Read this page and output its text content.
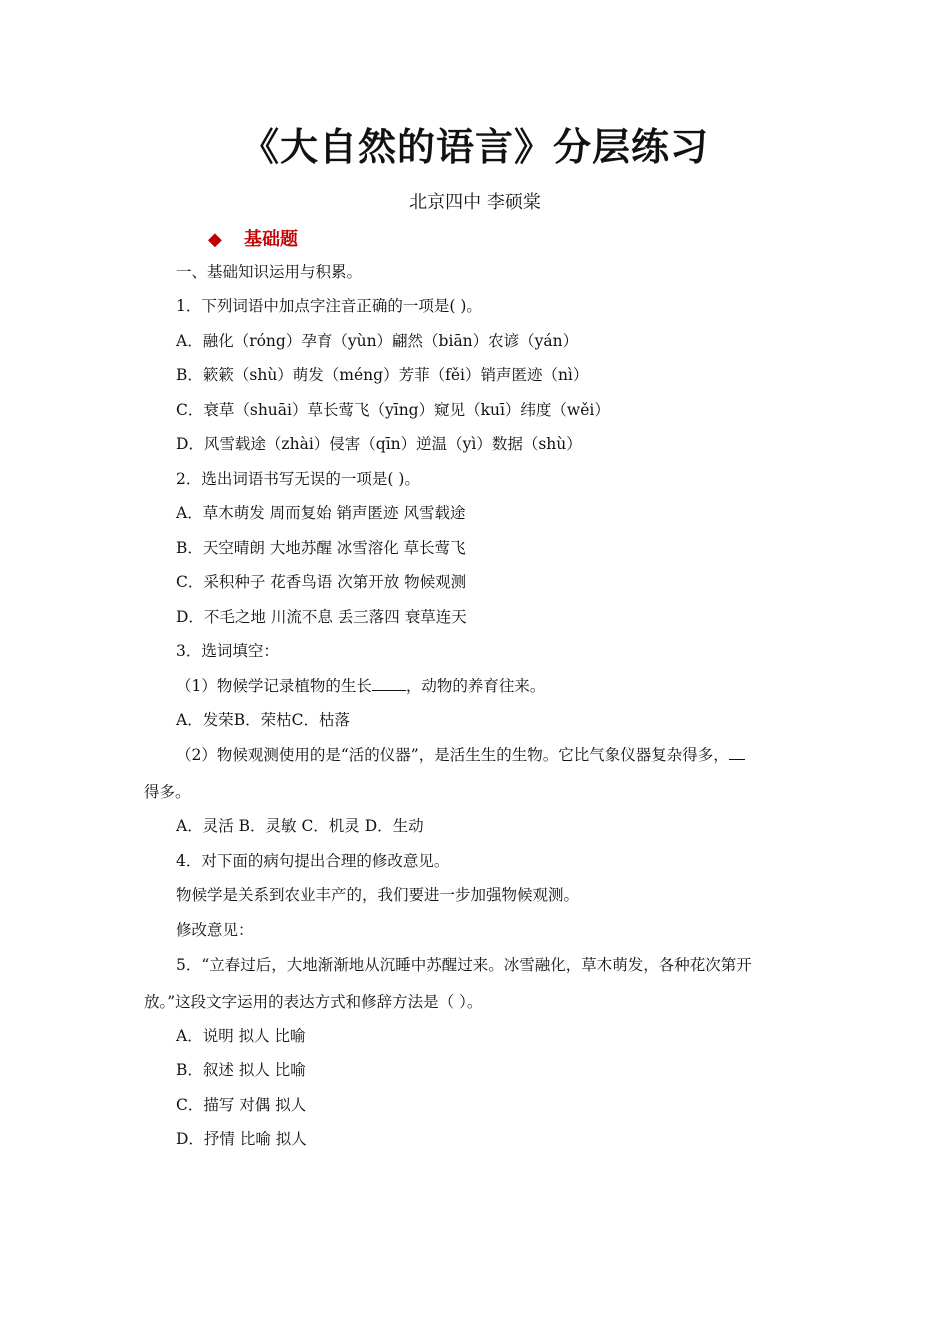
《大自然的语言》分层练习
北京四中 李硕棠
◆ 基础题
一、基础知识运用与积累。
1．下列词语中加点字注音正确的一项是( )。
A．融化（róng）孕育（yùn）翩然（biān）农谚（yán）
B．簌簌（shù）萌发（méng）芳菲（fěi）销声匿迹（nì）
C．衰草（shuāi）草长莺飞（yīng）窥见（kuī）纬度（wěi）
D．风雪载途（zhài）侵害（qīn）逆温（yì）数据（shù）
2．选出词语书写无误的一项是( )。
A．草木萌发 周而复始 销声匿迹 风雪载途
B．天空晴朗 大地苏醒 冰雪溶化 草长莺飞
C．采积种子 花香鸟语 次第开放 物候观测
D．不毛之地 川流不息 丢三落四 衰草连天
3．选词填空：
（1）物候学记录植物的生长 ，动物的养育往来。
A．发荣B．荣枯C．枯落
（2）物候观测使用的是“活的仪器”，是活生生的生物。它比气象仪器复杂得多，
得多。
A．灵活 B．灵敏 C．机灵 D．生动
4．对下面的病句提出合理的修改意见。
物候学是关系到农业丰产的，我们要进一步加强物候观测。
修改意见：
5．“立春过后，大地渐渐地从沉睡中苏醒过来。冰雪融化，草木萌发，各种花次第开
放。”这段文字运用的表达方式和修辞方法是（ ）。
A．说明 拟人 比喻
B．叙述 拟人 比喻
C．描写 对偶 拟人
D．抒情 比喻 拟人
